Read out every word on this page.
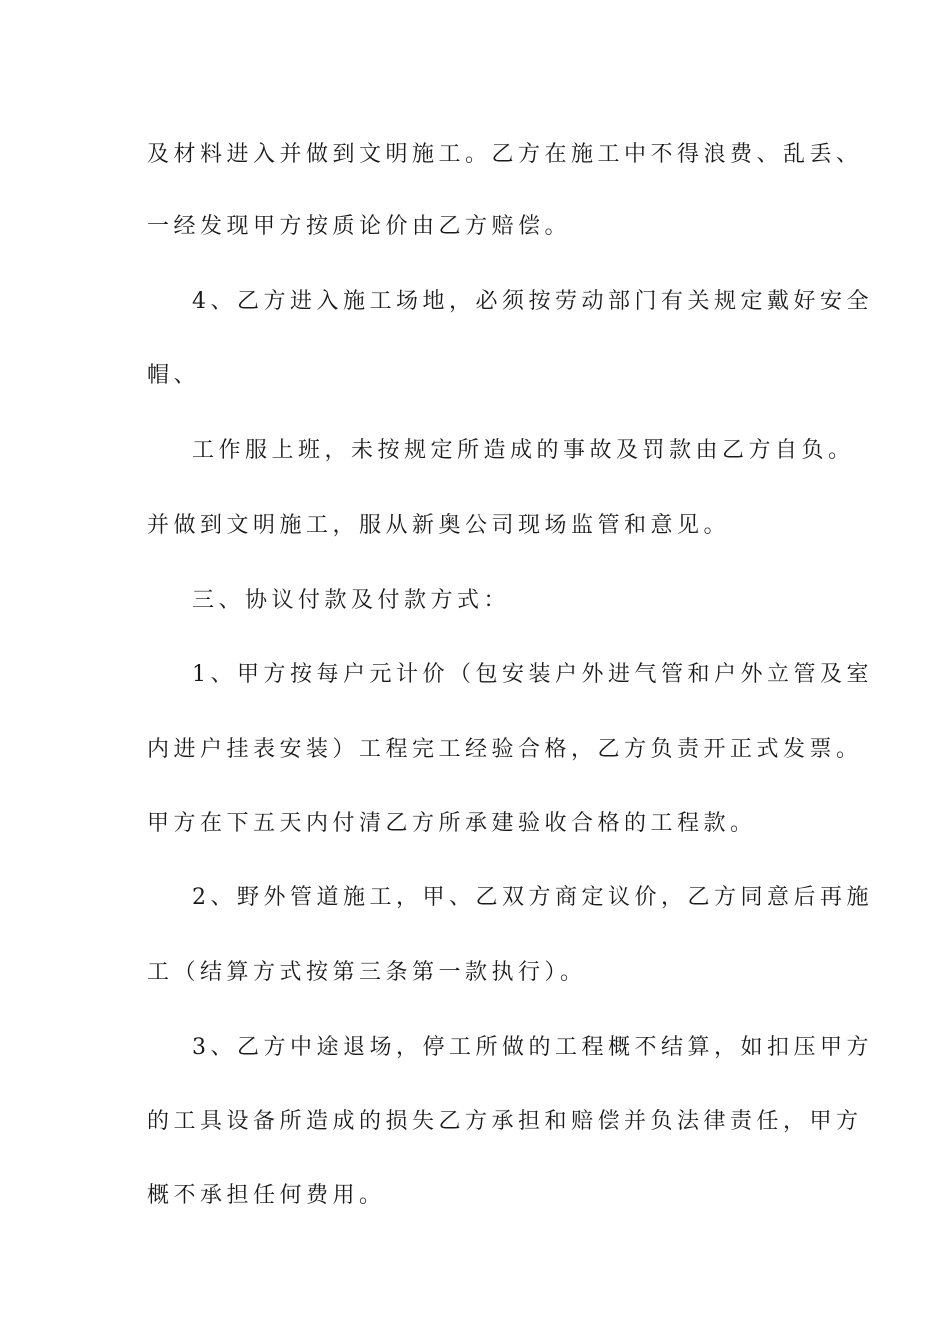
及材料进入并做到文明施工。乙方在施工中不得浪费、乱丢、
一经发现甲方按质论价由乙方赔偿。
4、乙方进入施工场地，必须按劳动部门有关规定戴好安全
帽、
工作服上班，未按规定所造成的事故及罚款由乙方自负。
并做到文明施工，服从新奥公司现场监管和意见。
三、协议付款及付款方式：
1、甲方按每户元计价（包安装户外进气管和户外立管及室
内进户挂表安装）工程完工经验合格，乙方负责开正式发票。
甲方在下五天内付清乙方所承建验收合格的工程款。
2、野外管道施工，甲、乙双方商定议价，乙方同意后再施
工（结算方式按第三条第一款执行）。
3、乙方中途退场，停工所做的工程概不结算，如扣压甲方
的工具设备所造成的损失乙方承担和赔偿并负法律责任，甲方
概不承担任何费用。
